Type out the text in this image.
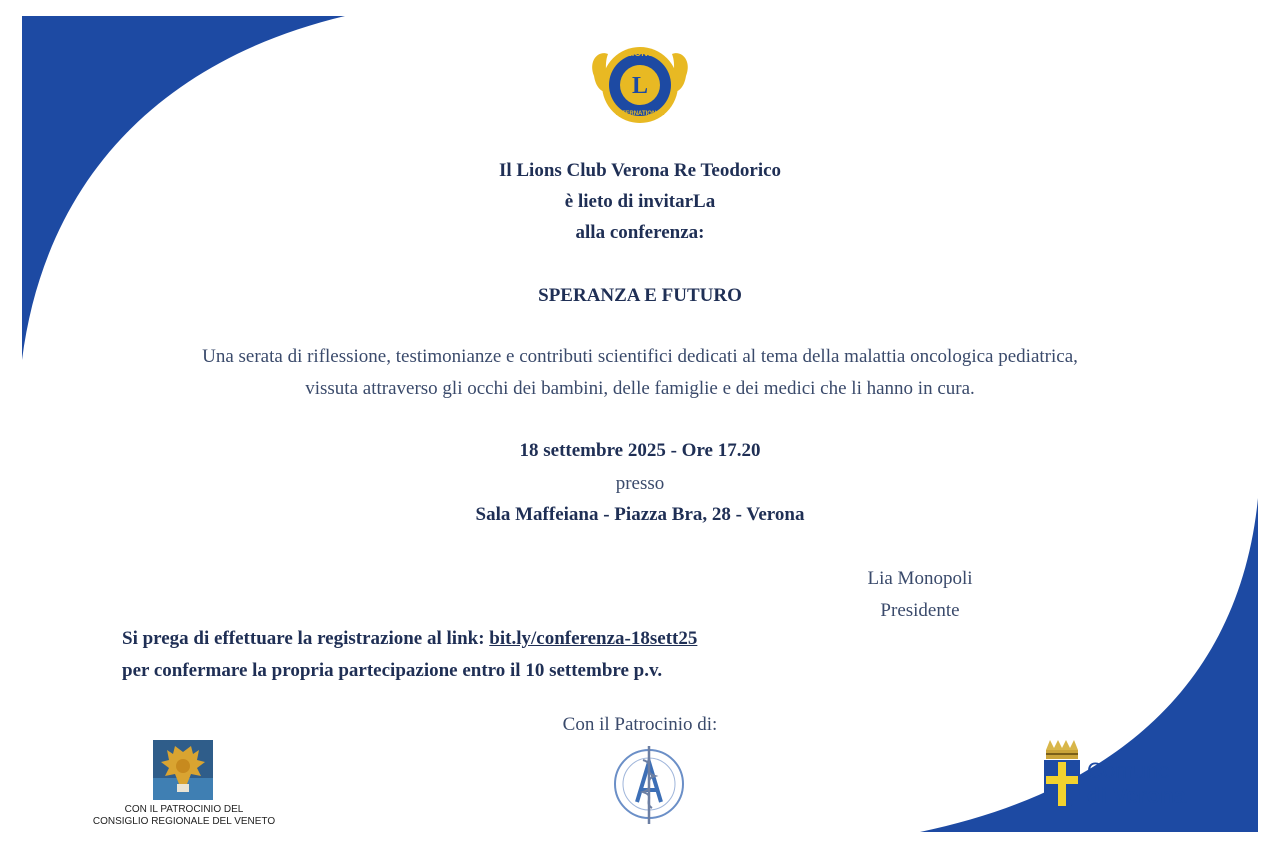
LIONS
L
INTERNATIONAL
Il Lions Club Verona Re Teodorico
è lieto di invitarLa
alla conferenza:
SPERANZA E FUTURO
Una serata di riflessione, testimonianze e contributi scientifici dedicati al tema della malattia oncologica pediatrica,
vissuta attraverso gli occhi dei bambini, delle famiglie e dei medici che li hanno in cura.
18 settembre 2025 - Ore 17.20
presso
Sala Maffeiana - Piazza Bra, 28 - Verona
Lia Monopoli
Presidente
Si prega di effettuare la registrazione al link: bit.ly/conferenza-18sett25
per confermare la propria partecipazione entro il 10 settembre p.v.
Con il Patrocinio di:
CON IL PATROCINIO DEL
CONSIGLIO REGIONALE DEL VENETO
Comune
di Verona
